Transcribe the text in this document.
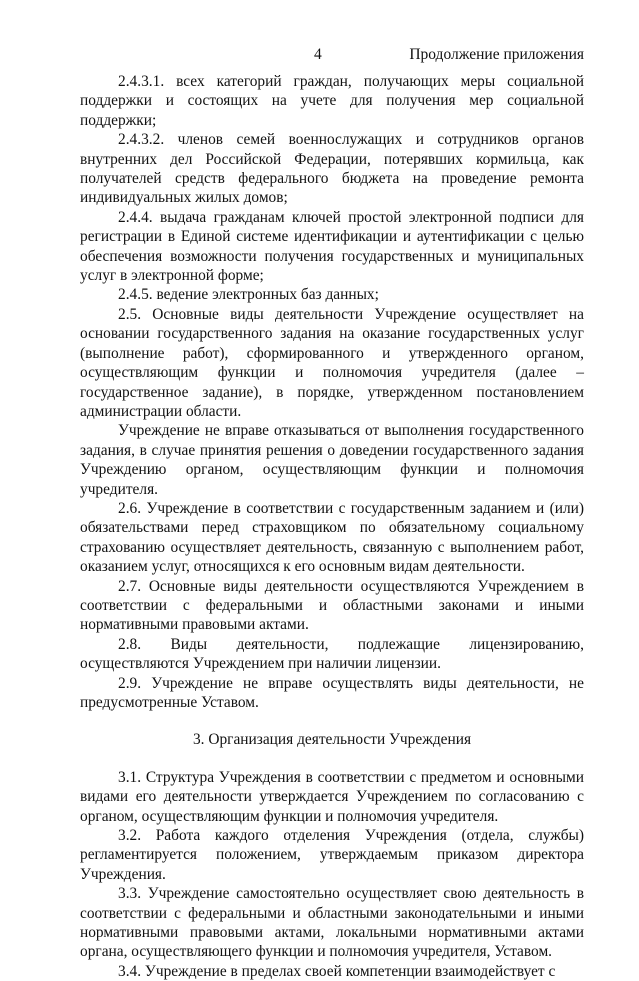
4	Продолжение приложения

2.4.3.1. всех категорий граждан, получающих меры социальной поддержки и состоящих на учете для получения мер социальной поддержки;

2.4.3.2. членов семей военнослужащих и сотрудников органов внутренних дел Российской Федерации, потерявших кормильца, как получателей средств федерального бюджета на проведение ремонта индивидуальных жилых домов;

2.4.4. выдача гражданам ключей простой электронной подписи для регистрации в Единой системе идентификации и аутентификации с целью обеспечения возможности получения государственных и муниципальных услуг в электронной форме;

2.4.5. ведение электронных баз данных;

2.5. Основные виды деятельности Учреждение осуществляет на основании государственного задания на оказание государственных услуг (выполнение работ), сформированного и утвержденного органом, осуществляющим функции и полномочия учредителя (далее – государственное задание), в порядке, утвержденном постановлением администрации области.

Учреждение не вправе отказываться от выполнения государственного задания, в случае принятия решения о доведении государственного задания Учреждению органом, осуществляющим функции и полномочия учредителя.

2.6. Учреждение в соответствии с государственным заданием и (или) обязательствами перед страховщиком по обязательному социальному страхованию осуществляет деятельность, связанную с выполнением работ, оказанием услуг, относящихся к его основным видам деятельности.

2.7. Основные виды деятельности осуществляются Учреждением в соответствии с федеральными и областными законами и иными нормативными правовыми актами.

2.8. Виды деятельности, подлежащие лицензированию, осуществляются Учреждением при наличии лицензии.

2.9. Учреждение не вправе осуществлять виды деятельности, не предусмотренные Уставом.

3. Организация деятельности Учреждения

3.1. Структура Учреждения в соответствии с предметом и основными видами его деятельности утверждается Учреждением по согласованию с органом, осуществляющим функции и полномочия учредителя.

3.2. Работа каждого отделения Учреждения (отдела, службы) регламентируется положением, утверждаемым приказом директора Учреждения.

3.3. Учреждение самостоятельно осуществляет свою деятельность в соответствии с федеральными и областными законодательными и иными нормативными правовыми актами, локальными нормативными актами органа, осуществляющего функции и полномочия учредителя, Уставом.

3.4. Учреждение в пределах своей компетенции взаимодействует с
